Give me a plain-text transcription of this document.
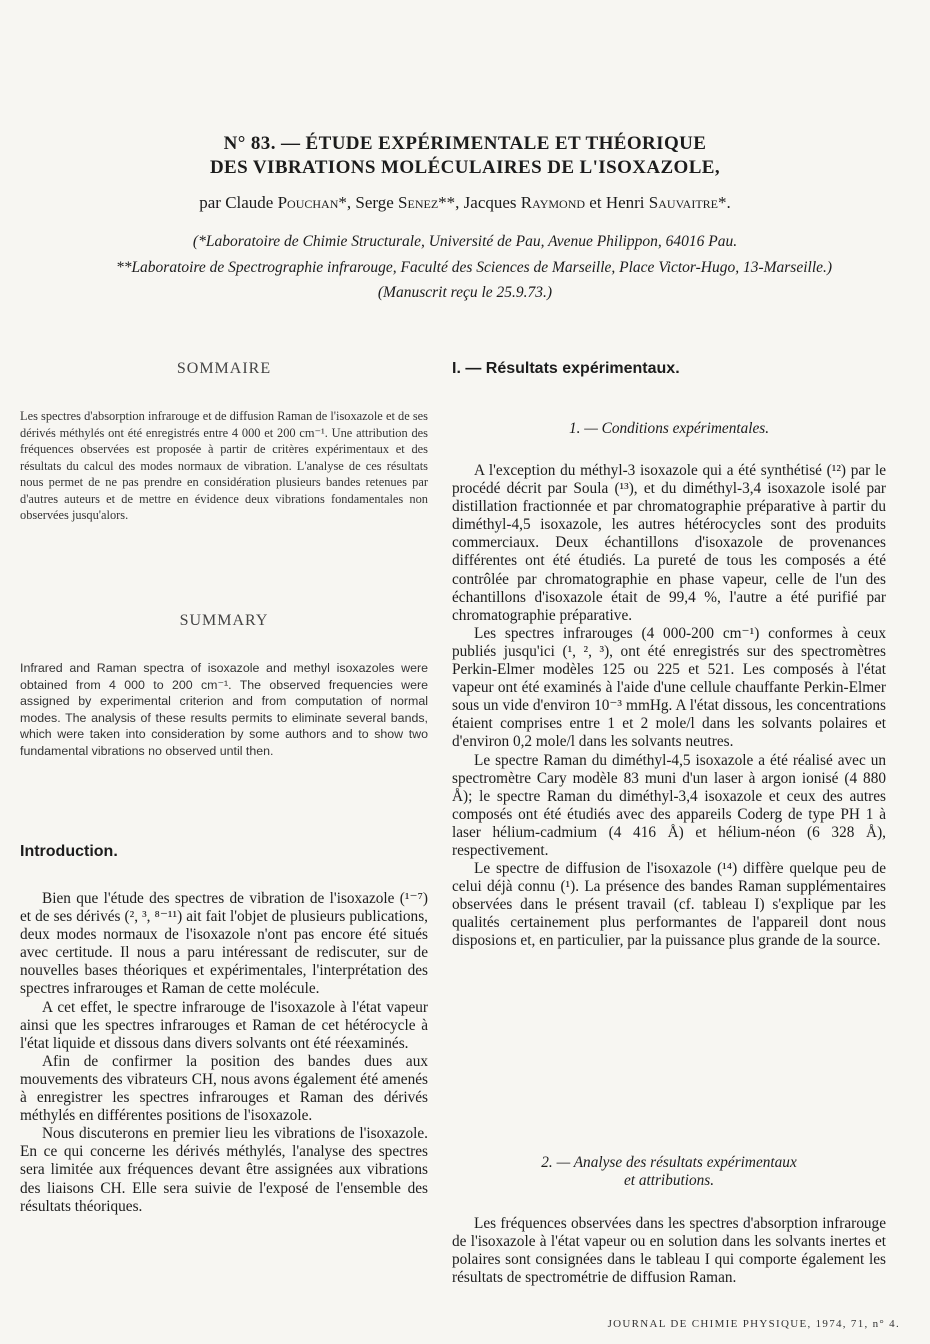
N° 83. — ÉTUDE EXPÉRIMENTALE ET THÉORIQUE
DES VIBRATIONS MOLÉCULAIRES DE L'ISOXAZOLE,
par Claude Pouchan*, Serge Senez**, Jacques Raymond et Henri Sauvaitre*.
(*Laboratoire de Chimie Structurale, Université de Pau, Avenue Philippon, 64016 Pau.
**Laboratoire de Spectrographie infrarouge, Faculté des Sciences de Marseille, Place Victor-Hugo, 13-Marseille.)
(Manuscrit reçu le 25.9.73.)
SOMMAIRE
Les spectres d'absorption infrarouge et de diffusion Raman de l'isoxazole et de ses dérivés méthylés ont été enregistrés entre 4 000 et 200 cm⁻¹. Une attribution des fréquences observées est proposée à partir de critères expérimentaux et des résultats du calcul des modes normaux de vibration. L'analyse de ces résultats nous permet de ne pas prendre en considération plusieurs bandes retenues par d'autres auteurs et de mettre en évidence deux vibrations fondamentales non observées jusqu'alors.
SUMMARY
Infrared and Raman spectra of isoxazole and methyl isoxazoles were obtained from 4 000 to 200 cm⁻¹. The observed frequencies were assigned by experimental criterion and from computation of normal modes. The analysis of these results permits to eliminate several bands, which were taken into consideration by some authors and to show two fundamental vibrations no observed until then.
Introduction.

Bien que l'étude des spectres de vibration de l'isoxazole (¹⁻⁷) et de ses dérivés (², ³, ⁸⁻¹¹) ait fait l'objet de plusieurs publications, deux modes normaux de l'isoxazole n'ont pas encore été situés avec certitude. Il nous a paru intéressant de rediscuter, sur de nouvelles bases théoriques et expérimentales, l'interprétation des spectres infrarouges et Raman de cette molécule.

A cet effet, le spectre infrarouge de l'isoxazole à l'état vapeur ainsi que les spectres infrarouges et Raman de cet hétérocycle à l'état liquide et dissous dans divers solvants ont été réexaminés.

Afin de confirmer la position des bandes dues aux mouvements des vibrateurs CH, nous avons également été amenés à enregistrer les spectres infrarouges et Raman des dérivés méthylés en différentes positions de l'isoxazole.

Nous discuterons en premier lieu les vibrations de l'isoxazole. En ce qui concerne les dérivés méthylés, l'analyse des spectres sera limitée aux fréquences devant être assignées aux vibrations des liaisons CH. Elle sera suivie de l'exposé de l'ensemble des résultats théoriques.

I. — Résultats expérimentaux.
1. — Conditions expérimentales.

A l'exception du méthyl-3 isoxazole qui a été synthétisé (¹²) par le procédé décrit par Soula (¹³), et du diméthyl-3,4 isoxazole isolé par distillation fractionnée et par chromatographie préparative à partir du diméthyl-4,5 isoxazole, les autres hétérocycles sont des produits commerciaux. Deux échantillons d'isoxazole de provenances différentes ont été étudiés. La pureté de tous les composés a été contrôlée par chromatographie en phase vapeur, celle de l'un des échantillons d'isoxazole était de 99,4 %, l'autre a été purifié par chromatographie préparative.

Les spectres infrarouges (4 000-200 cm⁻¹) conformes à ceux publiés jusqu'ici (¹, ², ³), ont été enregistrés sur des spectromètres Perkin-Elmer modèles 125 ou 225 et 521. Les composés à l'état vapeur ont été examinés à l'aide d'une cellule chauffante Perkin-Elmer sous un vide d'environ 10⁻³ mmHg. A l'état dissous, les concentrations étaient comprises entre 1 et 2 mole/l dans les solvants polaires et d'environ 0,2 mole/l dans les solvants neutres.

Le spectre Raman du diméthyl-4,5 isoxazole a été réalisé avec un spectromètre Cary modèle 83 muni d'un laser à argon ionisé (4 880 Å); le spectre Raman du diméthyl-3,4 isoxazole et ceux des autres composés ont été étudiés avec des appareils Coderg de type PH 1 à laser hélium-cadmium (4 416 Å) et hélium-néon (6 328 Å), respectivement.

Le spectre de diffusion de l'isoxazole (¹⁴) diffère quelque peu de celui déjà connu (¹). La présence des bandes Raman supplémentaires observées dans le présent travail (cf. tableau I) s'explique par les qualités certainement plus performantes de l'appareil dont nous disposions et, en particulier, par la puissance plus grande de la source.

2. — Analyse des résultats expérimentaux
et attributions.

Les fréquences observées dans les spectres d'absorption infrarouge de l'isoxazole à l'état vapeur ou en solution dans les solvants inertes et polaires sont consignées dans le tableau I qui comporte également les résultats de spectrométrie de diffusion Raman.

JOURNAL DE CHIMIE PHYSIQUE, 1974, 71, n° 4.
